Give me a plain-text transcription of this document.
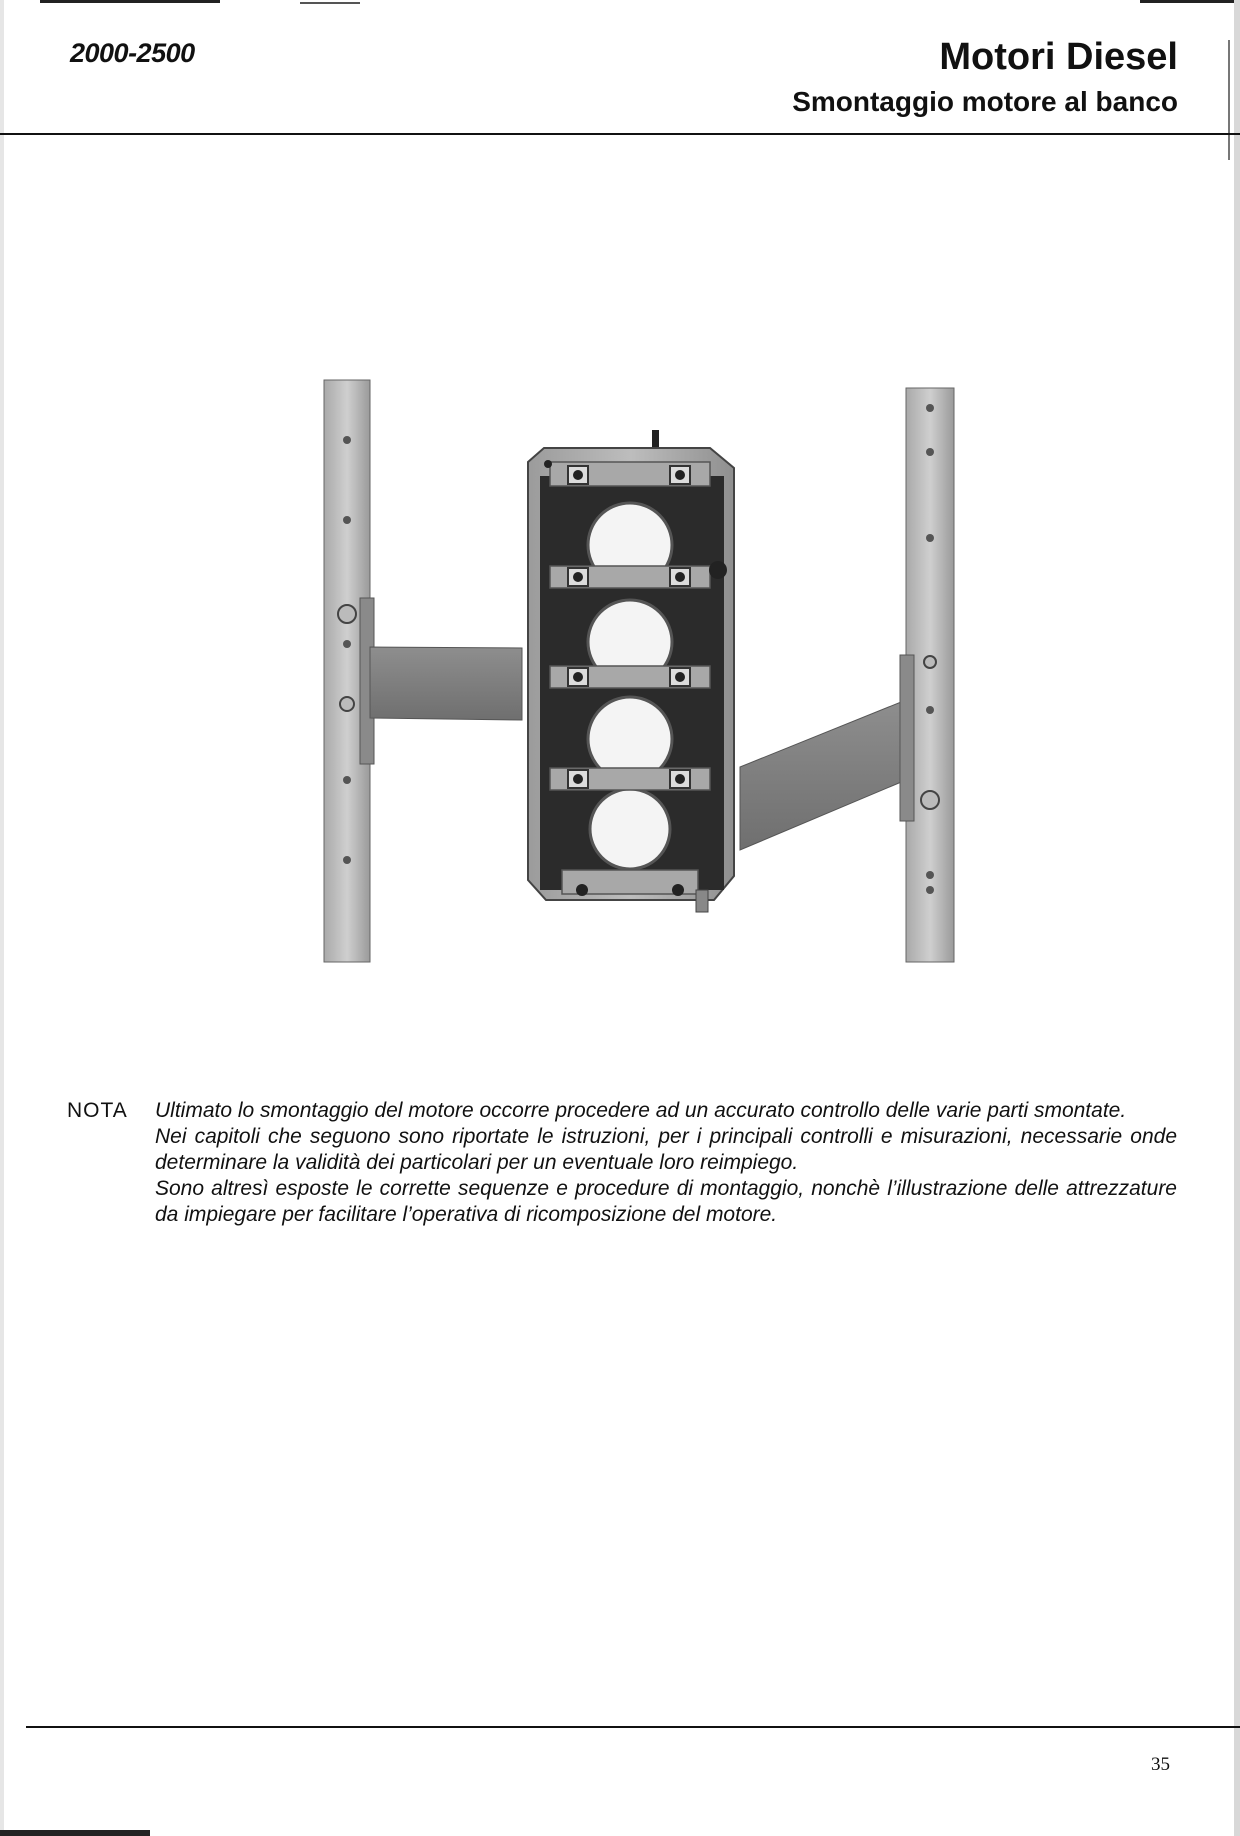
2000-2500	Motori Diesel
Smontaggio motore al banco
NOTA Ultimato lo smontaggio del motore occorre procedere ad un accurato controllo delle varie parti smontate.

Nei capitoli che seguono sono riportate le istruzioni, per i principali controlli e misurazioni, necessarie onde determinare la validità dei particolari per un eventuale loro reimpiego.

Sono altresì esposte le corrette sequenze e procedure di montaggio, nonchè l’illustrazione delle attrezzature da impiegare per facilitare l’operativa di ricomposizione del motore.

35
